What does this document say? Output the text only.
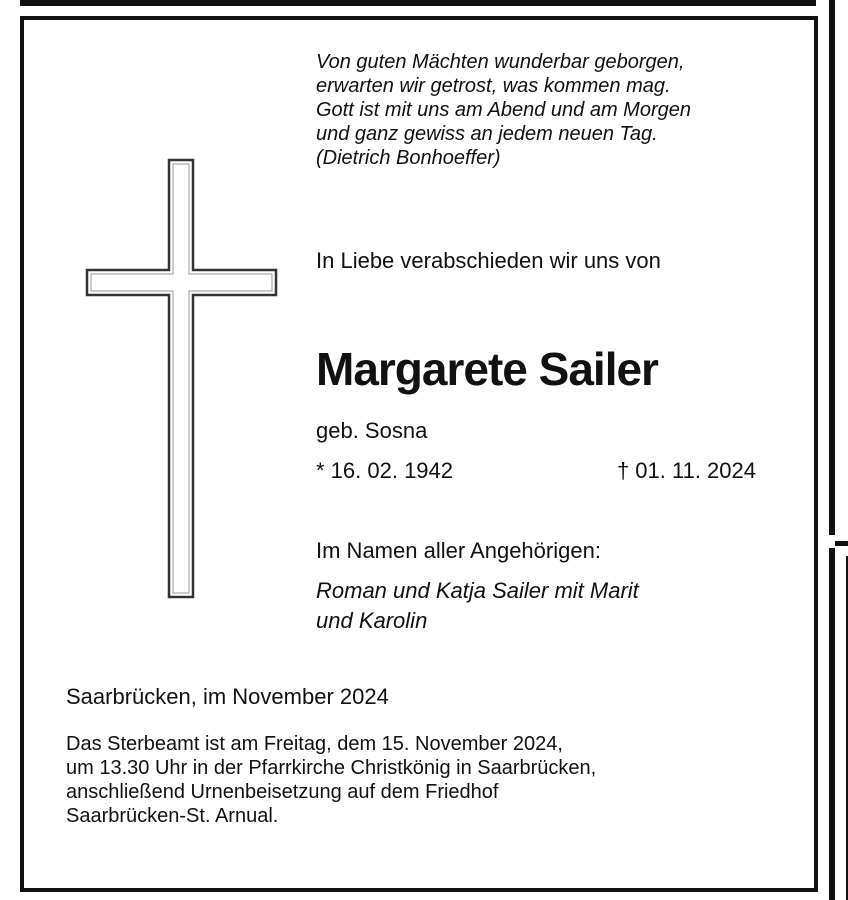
Von guten Mächten wunderbar geborgen,
erwarten wir getrost, was kommen mag.
Gott ist mit uns am Abend und am Morgen
und ganz gewiss an jedem neuen Tag.
(Dietrich Bonhoeffer)
In Liebe verabschieden wir uns von
Margarete Sailer
geb. Sosna
* 16. 02. 1942	† 01. 11. 2024
Im Namen aller Angehörigen:
Roman und Katja Sailer mit Marit
und Karolin
Saarbrücken, im November 2024
Das Sterbeamt ist am Freitag, dem 15. November 2024,
um 13.30 Uhr in der Pfarrkirche Christkönig in Saarbrücken,
anschließend Urnenbeisetzung auf dem Friedhof
Saarbrücken-St. Arnual.
